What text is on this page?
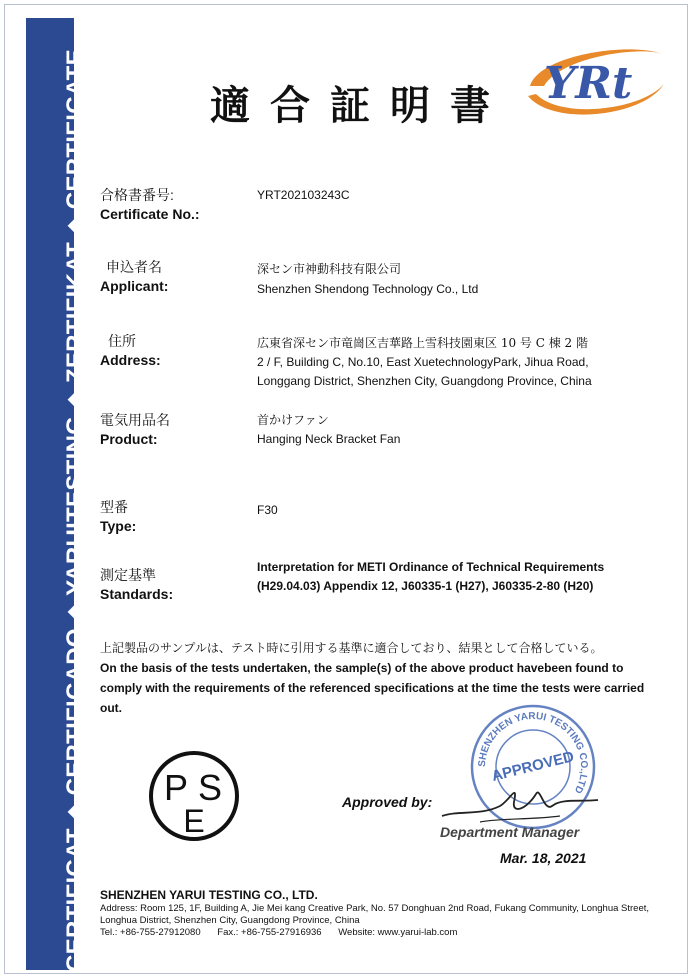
CERTIFICAT ◆ CERTIFICADO ◆ YARUITESTING ◆ ZERTIFIKAT ◆ CERTIFICATE	適合証明書 YRt
合格書番号:
Certificate No.:
YRT202103243C
申込者名
Applicant:
深セン市神動科技有限公司
Shenzhen Shendong Technology Co., Ltd
住所
Address:
広東省深セン市竜崗区吉華路上雪科技園東区 10 号 C 棟 2 階
2 / F, Building C, No.10, East XuetechnologyPark, Jihua Road,
Longgang District, Shenzhen City, Guangdong Province, China
電気用品名
Product:
首かけファン
Hanging Neck Bracket Fan
型番
Type:
F30
測定基準
Standards:
Interpretation for METI Ordinance of Technical Requirements
(H29.04.03) Appendix 12, J60335-1 (H27), J60335-2-80 (H20)
上記製品のサンプルは、テスト時に引用する基準に適合しており、結果として合格している。
On the basis of the tests undertaken, the sample(s) of the above product havebeen found to comply with the requirements of the referenced specifications at the time the tests were carried out.
P S
E
SHENZHEN YARUI TESTING CO.,LTD
APPROVED
Approved by:
Department Manager
Mar. 18, 2021
SHENZHEN YARUI TESTING CO., LTD.
Address: Room 125, 1F, Building A, Jie Mei kang Creative Park, No. 57 Donghuan 2nd Road, Fukang Community, Longhua Street, Longhua District, Shenzhen City, Guangdong Province, China
Tel.: +86-755-27912080 Fax.: +86-755-27916936 Website: www.yarui-lab.com
